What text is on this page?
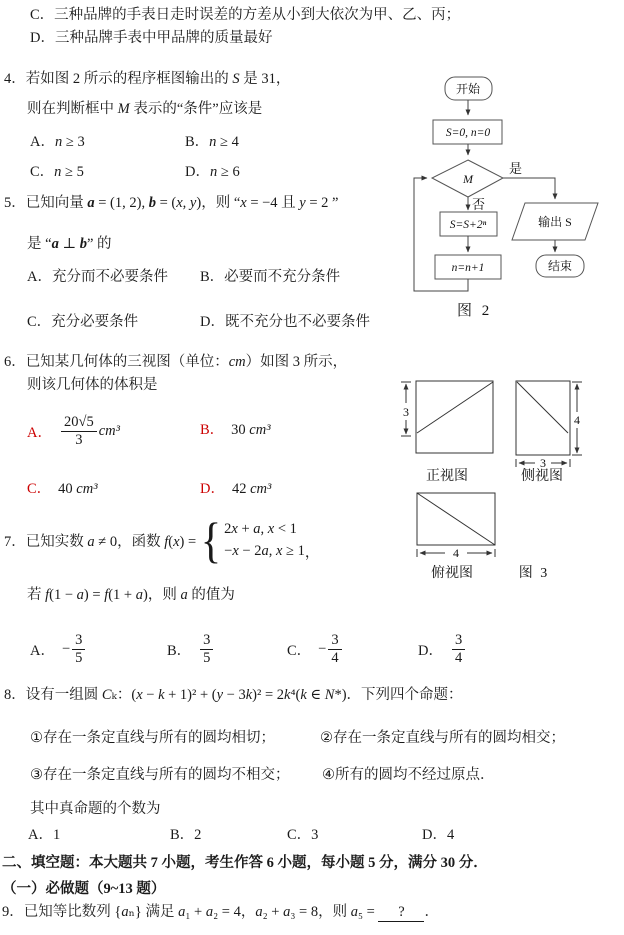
C．三种品牌的手表日走时误差的方差从小到大依次为甲、乙、丙；
D．三种品牌手表中甲品牌的质量最好
4．若如图 2 所示的程序框图输出的 S 是 31，
则在判断框中 M 表示的“条件”应该是
A．n ≥ 3	B．n ≥ 4
C．n ≥ 5	D．n ≥ 6
5．已知向量 a = (1, 2), b = (x, y)，则 “x = −4 且 y = 2 ”
是 “a ⊥ b” 的
A．充分而不必要条件 B．必要而不充分条件
C．充分必要条件	D．既不充分也不必要条件
6．已知某几何体的三视图（单位：cm）如图 3 所示，
则该几何体的体积是
A． $\frac{20√5}{3} cm^3$	B． 30 cm³
C． 40 cm³	D． 42 cm³
7．已知实数 a ≠ 0，函数 f(x) = { 2x + a, x < 1
−x − 2a, x ≥ 1 ，
若 f(1 − a) = f(1 + a)，则 a 的值为
A． − $\frac{3}{5}$	B． $\frac{3}{5}$	C． − $\frac{3}{4}$	D． $\frac{3}{4}$
8．设有一组圆 Cₖ：(x − k + 1)² + (y − 3k)² = 2k⁴(k ∈ N*)．下列四个命题：
①存在一条定直线与所有的圆均相切；	②存在一条定直线与所有的圆均相交；
③存在一条定直线与所有的圆均不相交； ④所有的圆均不经过原点．
其中真命题的个数为
A．1	B．2	C．3	D．4
二、填空题：本大题共 7 小题，考生作答 6 小题，每小题 5 分，满分 30 分．
（一）必做题（9~13 题）
9．已知等比数列 {aₙ} 满足 a₁ + a₂ = 4，a₂ + a₃ = 8，则 a₅ = ? ．
开始
S=0, n=0
M
是
否
S=S+2ⁿ
n=n+1
输出 S
结束
图 2
3
正视图
4
3
侧视图
4
俯视图	图 3
